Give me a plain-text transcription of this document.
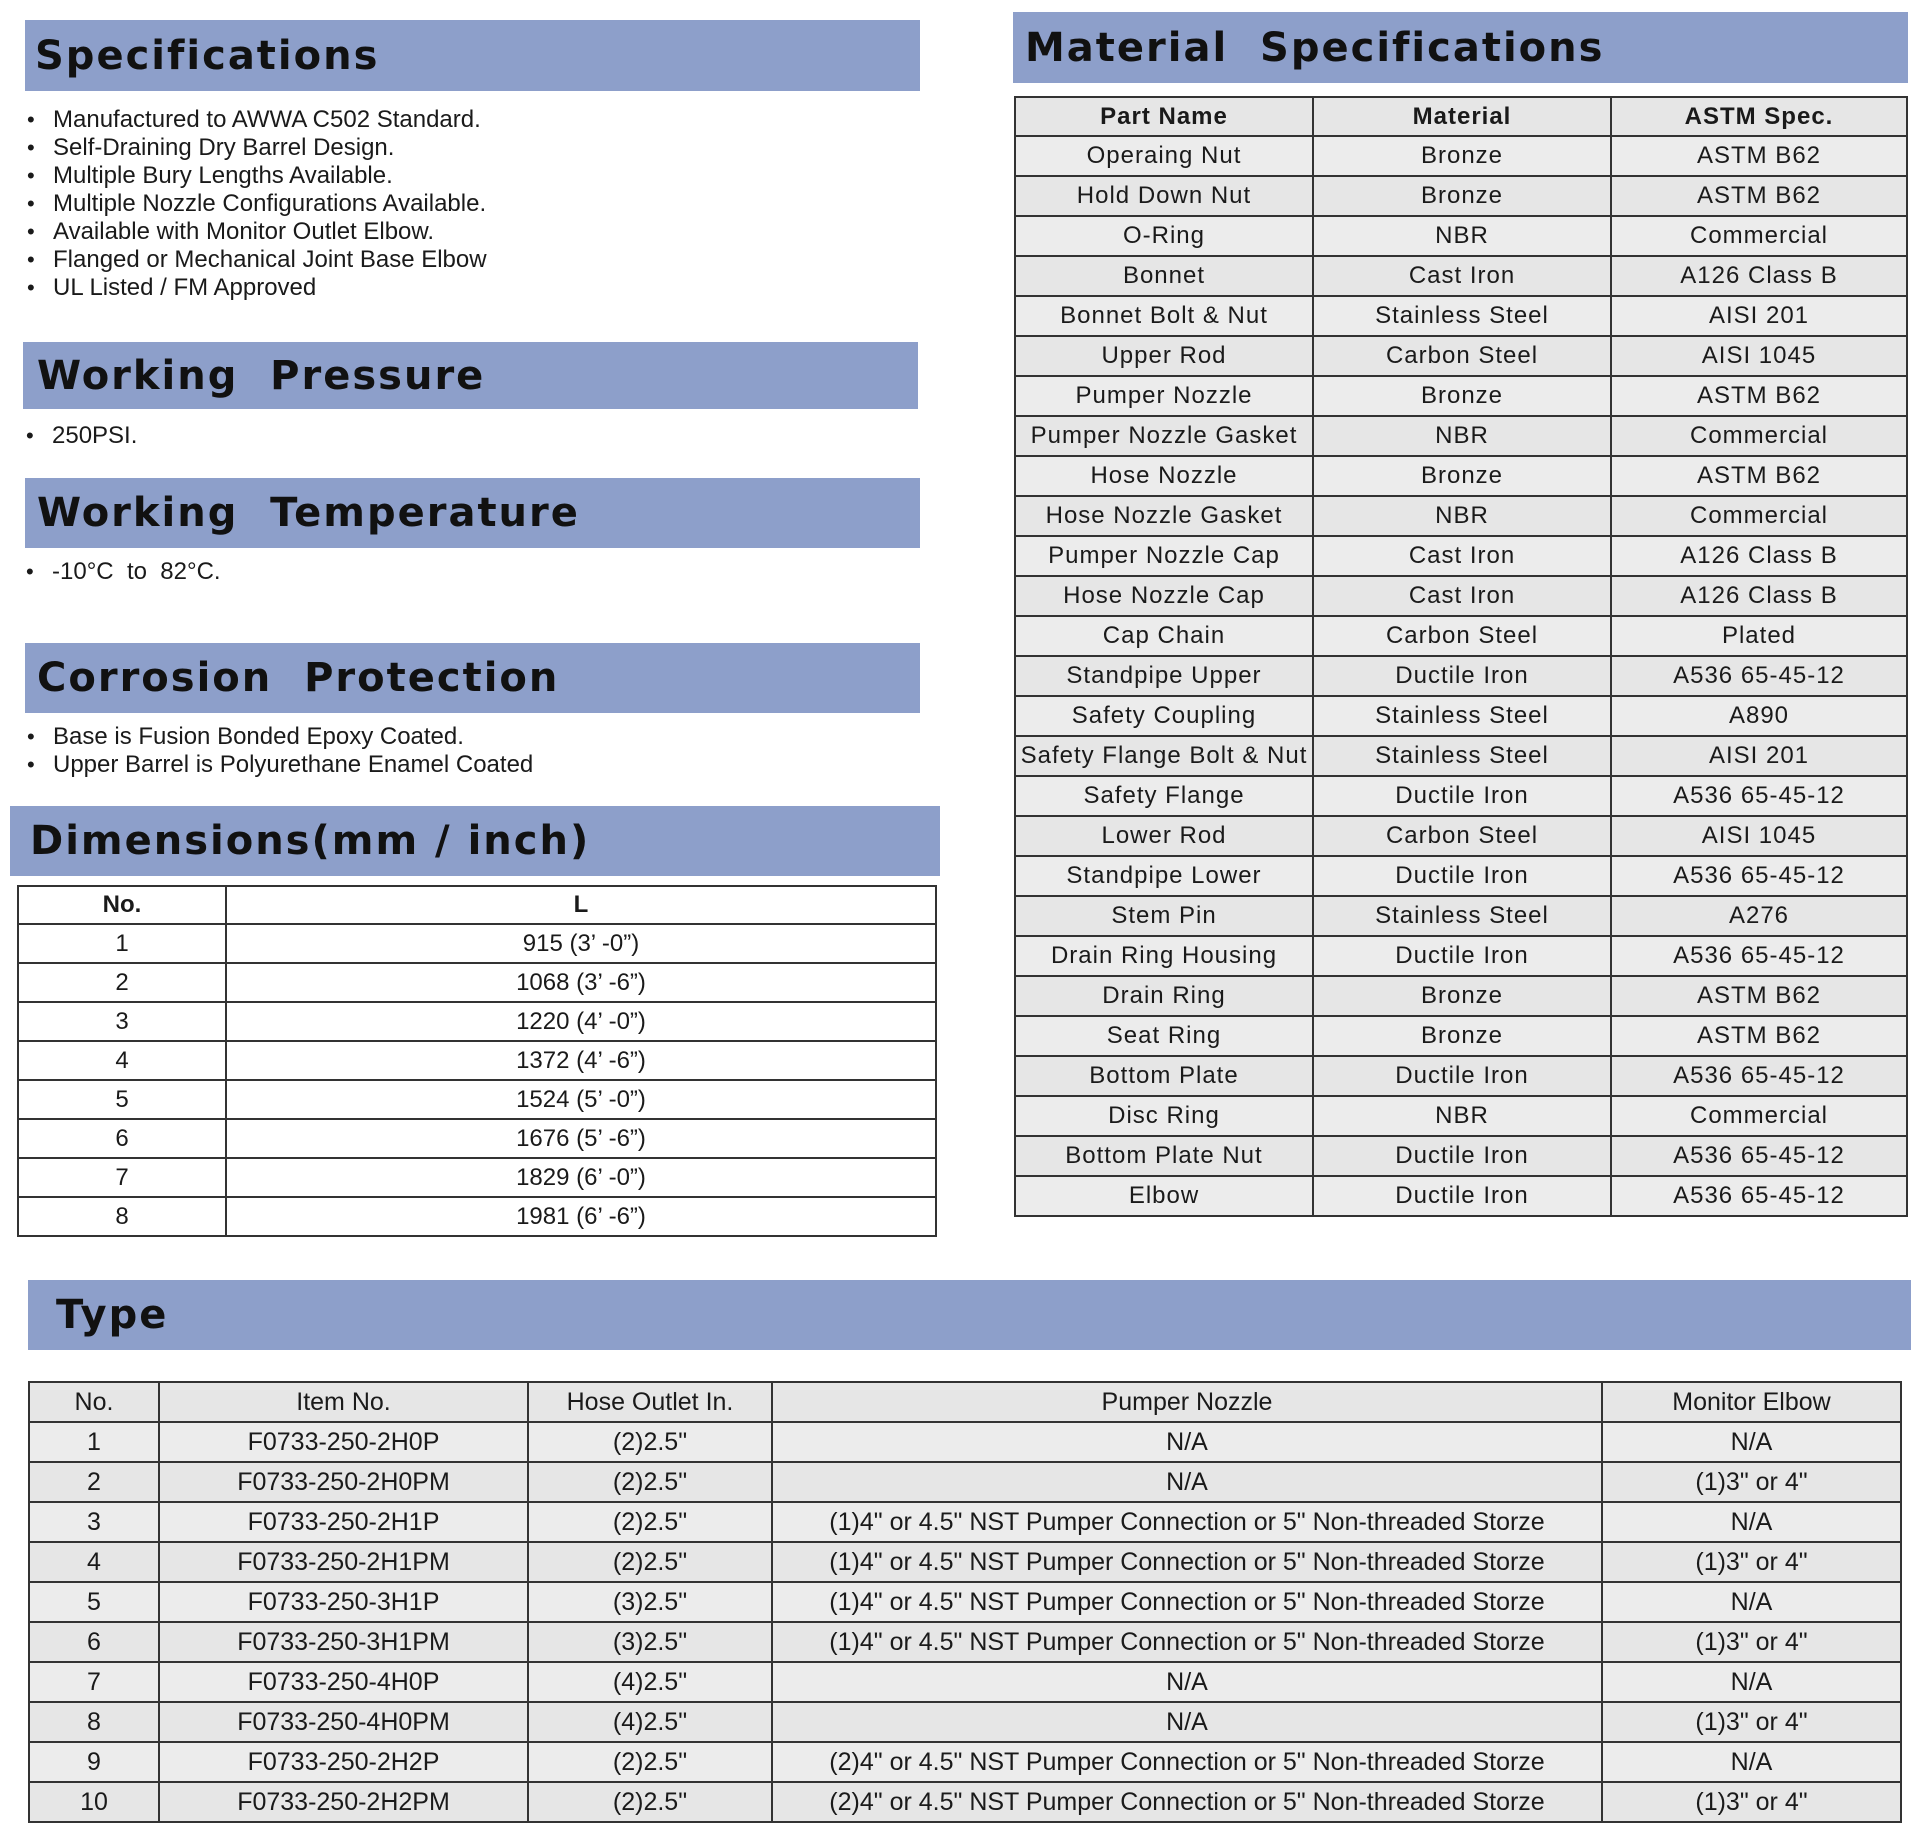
Specifications
• Manufactured to AWWA C502 Standard.
• Self-Draining Dry Barrel Design.
• Multiple Bury Lengths Available.
• Multiple Nozzle Configurations Available.
• Available with Monitor Outlet Elbow.
• Flanged or Mechanical Joint Base Elbow
• UL Listed / FM Approved
Working  Pressure
• 250PSI.
Working  Temperature
• -10°C  to  82°C.
Corrosion  Protection
• Base is Fusion Bonded Epoxy Coated.
• Upper Barrel is Polyurethane Enamel Coated
Dimensions(mm / inch)
No.	L
1	915 (3’ -0”)
2	1068 (3’ -6”)
3	1220 (4’ -0”)
4	1372 (4’ -6”)
5	1524 (5’ -0”)
6	1676 (5’ -6”)
7	1829 (6’ -0”)
8	1981 (6’ -6”)
Material  Specifications
Part Name	Material	ASTM Spec.
Operaing Nut	Bronze	ASTM B62
Hold Down Nut	Bronze	ASTM B62
O-Ring	NBR	Commercial
Bonnet	Cast Iron	A126 Class B
Bonnet Bolt & Nut	Stainless Steel	AISI 201
Upper Rod	Carbon Steel	AISI 1045
Pumper Nozzle	Bronze	ASTM B62
Pumper Nozzle Gasket	NBR	Commercial
Hose Nozzle	Bronze	ASTM B62
Hose Nozzle Gasket	NBR	Commercial
Pumper Nozzle Cap	Cast Iron	A126 Class B
Hose Nozzle Cap	Cast Iron	A126 Class B
Cap Chain	Carbon Steel	Plated
Standpipe Upper	Ductile Iron	A536 65-45-12
Safety Coupling	Stainless Steel	A890
Safety Flange Bolt & Nut	Stainless Steel	AISI 201
Safety Flange	Ductile Iron	A536 65-45-12
Lower Rod	Carbon Steel	AISI 1045
Standpipe Lower	Ductile Iron	A536 65-45-12
Stem Pin	Stainless Steel	A276
Drain Ring Housing	Ductile Iron	A536 65-45-12
Drain Ring	Bronze	ASTM B62
Seat Ring	Bronze	ASTM B62
Bottom Plate	Ductile Iron	A536 65-45-12
Disc Ring	NBR	Commercial
Bottom Plate Nut	Ductile Iron	A536 65-45-12
Elbow	Ductile Iron	A536 65-45-12
Type
No.	Item No.	Hose Outlet In.	Pumper Nozzle	Monitor Elbow
1	F0733-250-2H0P	(2)2.5"	N/A	N/A
2	F0733-250-2H0PM	(2)2.5"	N/A	(1)3" or 4"
3	F0733-250-2H1P	(2)2.5"	(1)4" or 4.5" NST Pumper Connection or 5" Non-threaded Storze	N/A
4	F0733-250-2H1PM	(2)2.5"	(1)4" or 4.5" NST Pumper Connection or 5" Non-threaded Storze	(1)3" or 4"
5	F0733-250-3H1P	(3)2.5"	(1)4" or 4.5" NST Pumper Connection or 5" Non-threaded Storze	N/A
6	F0733-250-3H1PM	(3)2.5"	(1)4" or 4.5" NST Pumper Connection or 5" Non-threaded Storze	(1)3" or 4"
7	F0733-250-4H0P	(4)2.5"	N/A	N/A
8	F0733-250-4H0PM	(4)2.5"	N/A	(1)3" or 4"
9	F0733-250-2H2P	(2)2.5"	(2)4" or 4.5" NST Pumper Connection or 5" Non-threaded Storze	N/A
10	F0733-250-2H2PM	(2)2.5"	(2)4" or 4.5" NST Pumper Connection or 5" Non-threaded Storze	(1)3" or 4"
